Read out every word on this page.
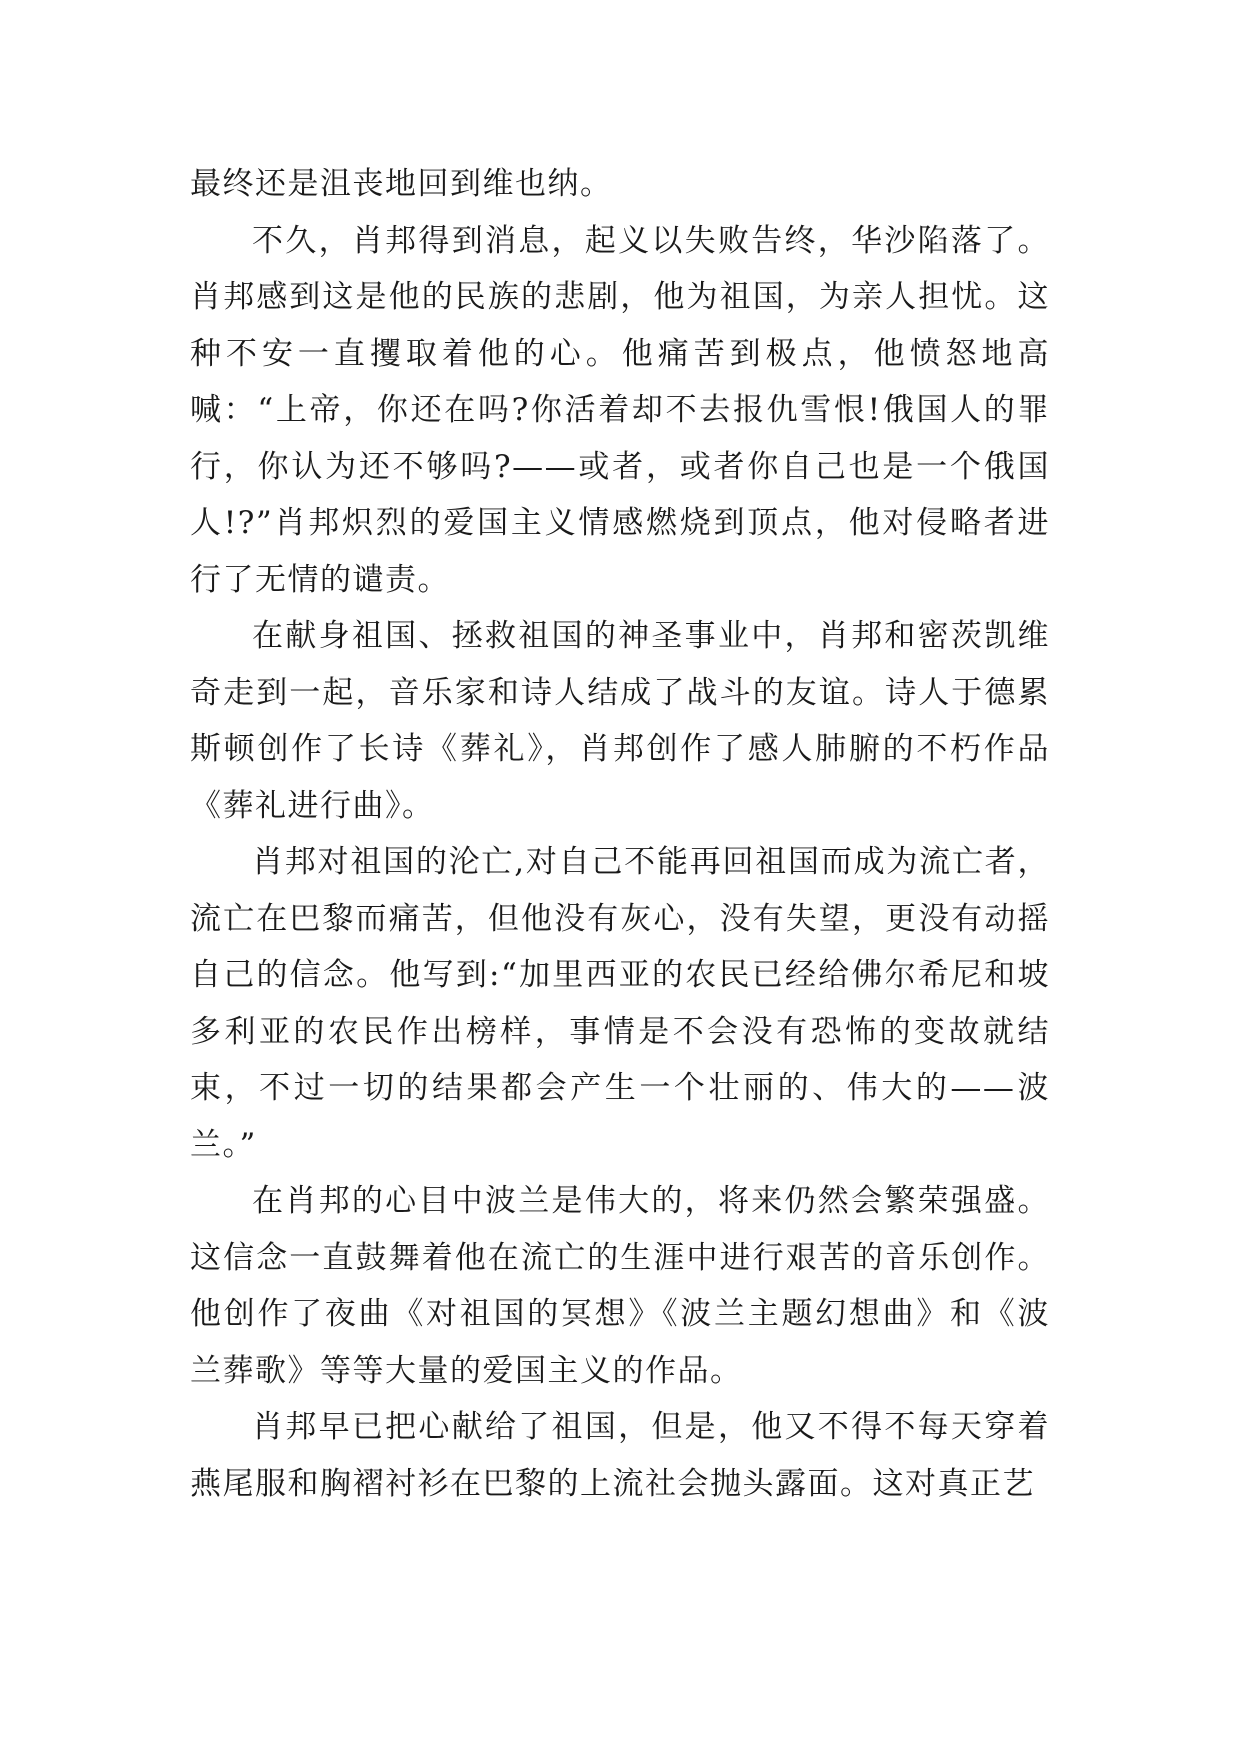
最终还是沮丧地回到维也纳。

不久，肖邦得到消息，起义以失败告终，华沙陷落了。肖邦感到这是他的民族的悲剧，他为祖国，为亲人担忧。这种不安一直攫取着他的心。他痛苦到极点，他愤怒地高喊：“上帝，你还在吗?你活着却不去报仇雪恨!俄国人的罪行，你认为还不够吗?——或者，或者你自己也是一个俄国人!?”肖邦炽烈的爱国主义情感燃烧到顶点，他对侵略者进行了无情的谴责。

在献身祖国、拯救祖国的神圣事业中，肖邦和密茨凯维奇走到一起，音乐家和诗人结成了战斗的友谊。诗人于德累斯顿创作了长诗《葬礼》，肖邦创作了感人肺腑的不朽作品《葬礼进行曲》。

肖邦对祖国的沦亡,对自己不能再回祖国而成为流亡者，流亡在巴黎而痛苦，但他没有灰心，没有失望，更没有动摇自己的信念。他写到:“加里西亚的农民已经给佛尔希尼和坡多利亚的农民作出榜样，事情是不会没有恐怖的变故就结束，不过一切的结果都会产生一个壮丽的、伟大的——波兰。”

在肖邦的心目中波兰是伟大的，将来仍然会繁荣强盛。这信念一直鼓舞着他在流亡的生涯中进行艰苦的音乐创作。他创作了夜曲《对祖国的冥想》《波兰主题幻想曲》和《波兰葬歌》等等大量的爱国主义的作品。

肖邦早已把心献给了祖国，但是，他又不得不每天穿着燕尾服和胸褶衬衫在巴黎的上流社会抛头露面。这对真正艺
